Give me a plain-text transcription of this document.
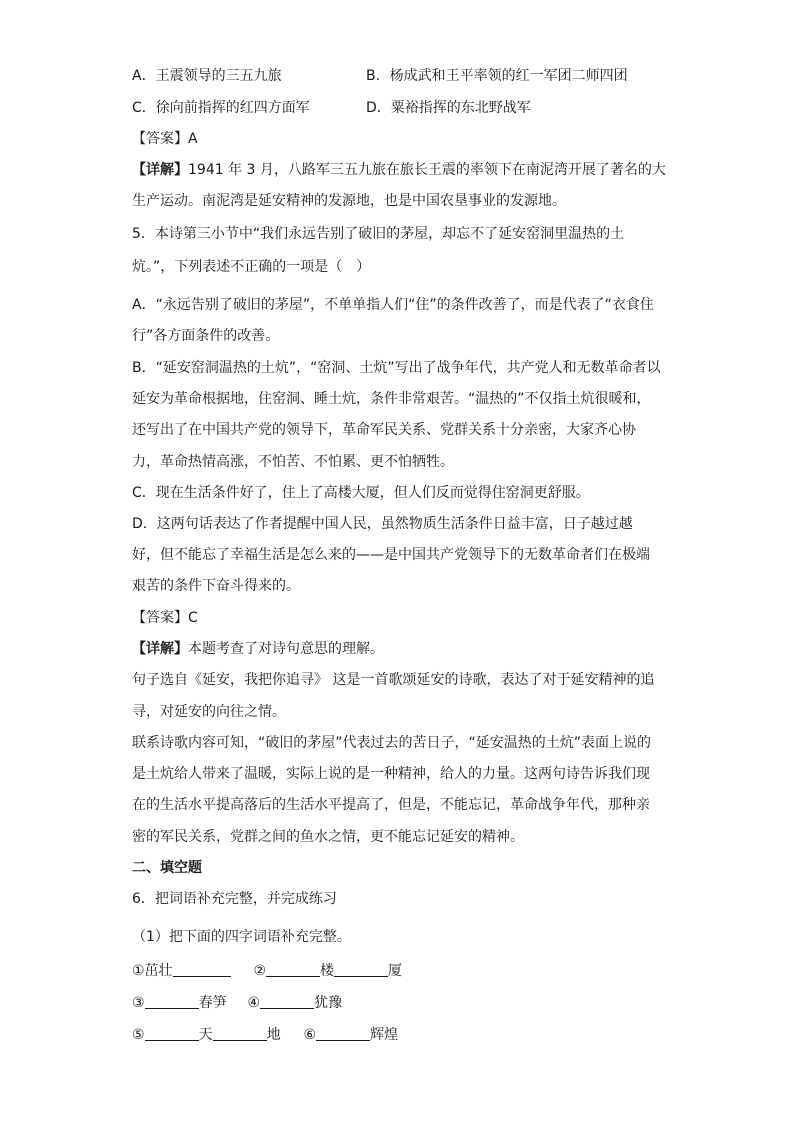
A．王震领导的三五九旅	B．杨成武和王平率领的红一军团二师四团
C．徐向前指挥的红四方面军	D．粟裕指挥的东北野战军
【答案】A
【详解】1941 年 3 月，八路军三五九旅在旅长王震的率领下在南泥湾开展了著名的大
生产运动。南泥湾是延安精神的发源地，也是中国农垦事业的发源地。
5．本诗第三小节中“我们永远告别了破旧的茅屋，却忘不了延安窑洞里温热的土
炕。”，下列表述不正确的一项是（　）
A．“永远告别了破旧的茅屋”，不单单指人们“住”的条件改善了，而是代表了“衣食住
行”各方面条件的改善。
B．“延安窑洞温热的土炕”，“窑洞、土炕”写出了战争年代，共产党人和无数革命者以
延安为革命根据地，住窑洞、睡土炕，条件非常艰苦。“温热的”不仅指土炕很暖和，
还写出了在中国共产党的领导下，革命军民关系、党群关系十分亲密，大家齐心协
力，革命热情高涨，不怕苦、不怕累、更不怕牺牲。
C．现在生活条件好了，住上了高楼大厦，但人们反而觉得住窑洞更舒服。
D．这两句话表达了作者提醒中国人民，虽然物质生活条件日益丰富，日子越过越
好，但不能忘了幸福生活是怎么来的——是中国共产党领导下的无数革命者们在极端
艰苦的条件下奋斗得来的。
【答案】C
【详解】本题考查了对诗句意思的理解。
句子选自《延安，我把你追寻》 这是一首歌颂延安的诗歌，表达了对于延安精神的追
寻，对延安的向往之情。
联系诗歌内容可知，“破旧的茅屋”代表过去的苦日子，“延安温热的土炕”表面上说的
是土炕给人带来了温暖，实际上说的是一种精神，给人的力量。这两句诗告诉我们现
在的生活水平提高落后的生活水平提高了，但是，不能忘记，革命战争年代，那种亲
密的军民关系，党群之间的鱼水之情，更不能忘记延安的精神。
二、填空题
6．把词语补充完整，并完成练习
（1）把下面的四字词语补充完整。
①茁壮	②	楼	厦
③	春笋 ④	犹豫
⑤	天	地 ⑥	辉煌
